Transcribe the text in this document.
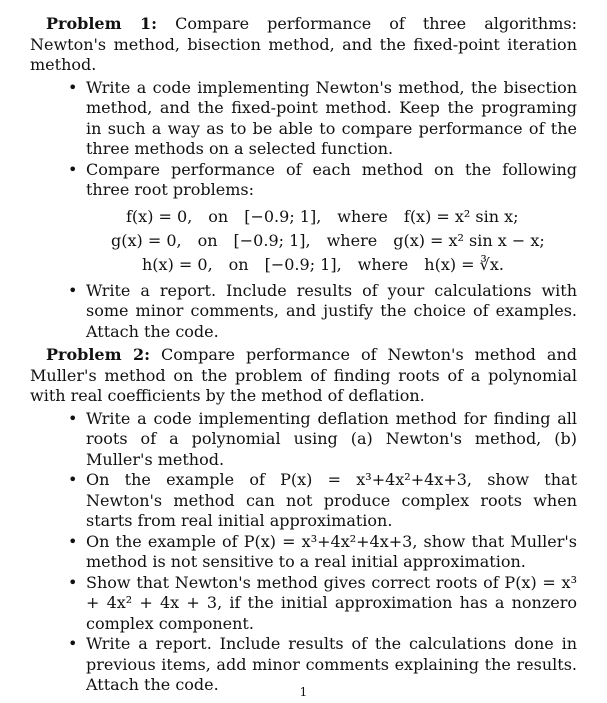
Problem 1: Compare performance of three algorithms: Newton's method, bisection method, and the fixed-point iteration method.
• Write a code implementing Newton's method, the bisection method, and the fixed-point method. Keep the programing in such a way as to be able to compare performance of the three methods on a selected function.
• Compare performance of each method on the following three root problems:
f(x) = 0, on [−0.9; 1], where f(x) = x² sin x;
g(x) = 0, on [−0.9; 1], where g(x) = x² sin x − x;
h(x) = 0, on [−0.9; 1], where h(x) = ∛x.
• Write a report. Include results of your calculations with some minor comments, and justify the choice of examples. Attach the code.
Problem 2: Compare performance of Newton's method and Muller's method on the problem of finding roots of a polynomial with real coefficients by the method of deflation.
• Write a code implementing deflation method for finding all roots of a polynomial using (a) Newton's method, (b) Muller's method.
• On the example of P(x) = x³+4x²+4x+3, show that Newton's method can not produce complex roots when starts from real initial approximation.
• On the example of P(x) = x³+4x²+4x+3, show that Muller's method is not sensitive to a real initial approximation.
• Show that Newton's method gives correct roots of P(x) = x³ + 4x² + 4x + 3, if the initial approximation has a nonzero complex component.
• Write a report. Include results of the calculations done in previous items, add minor comments explaining the results. Attach the code.	1
